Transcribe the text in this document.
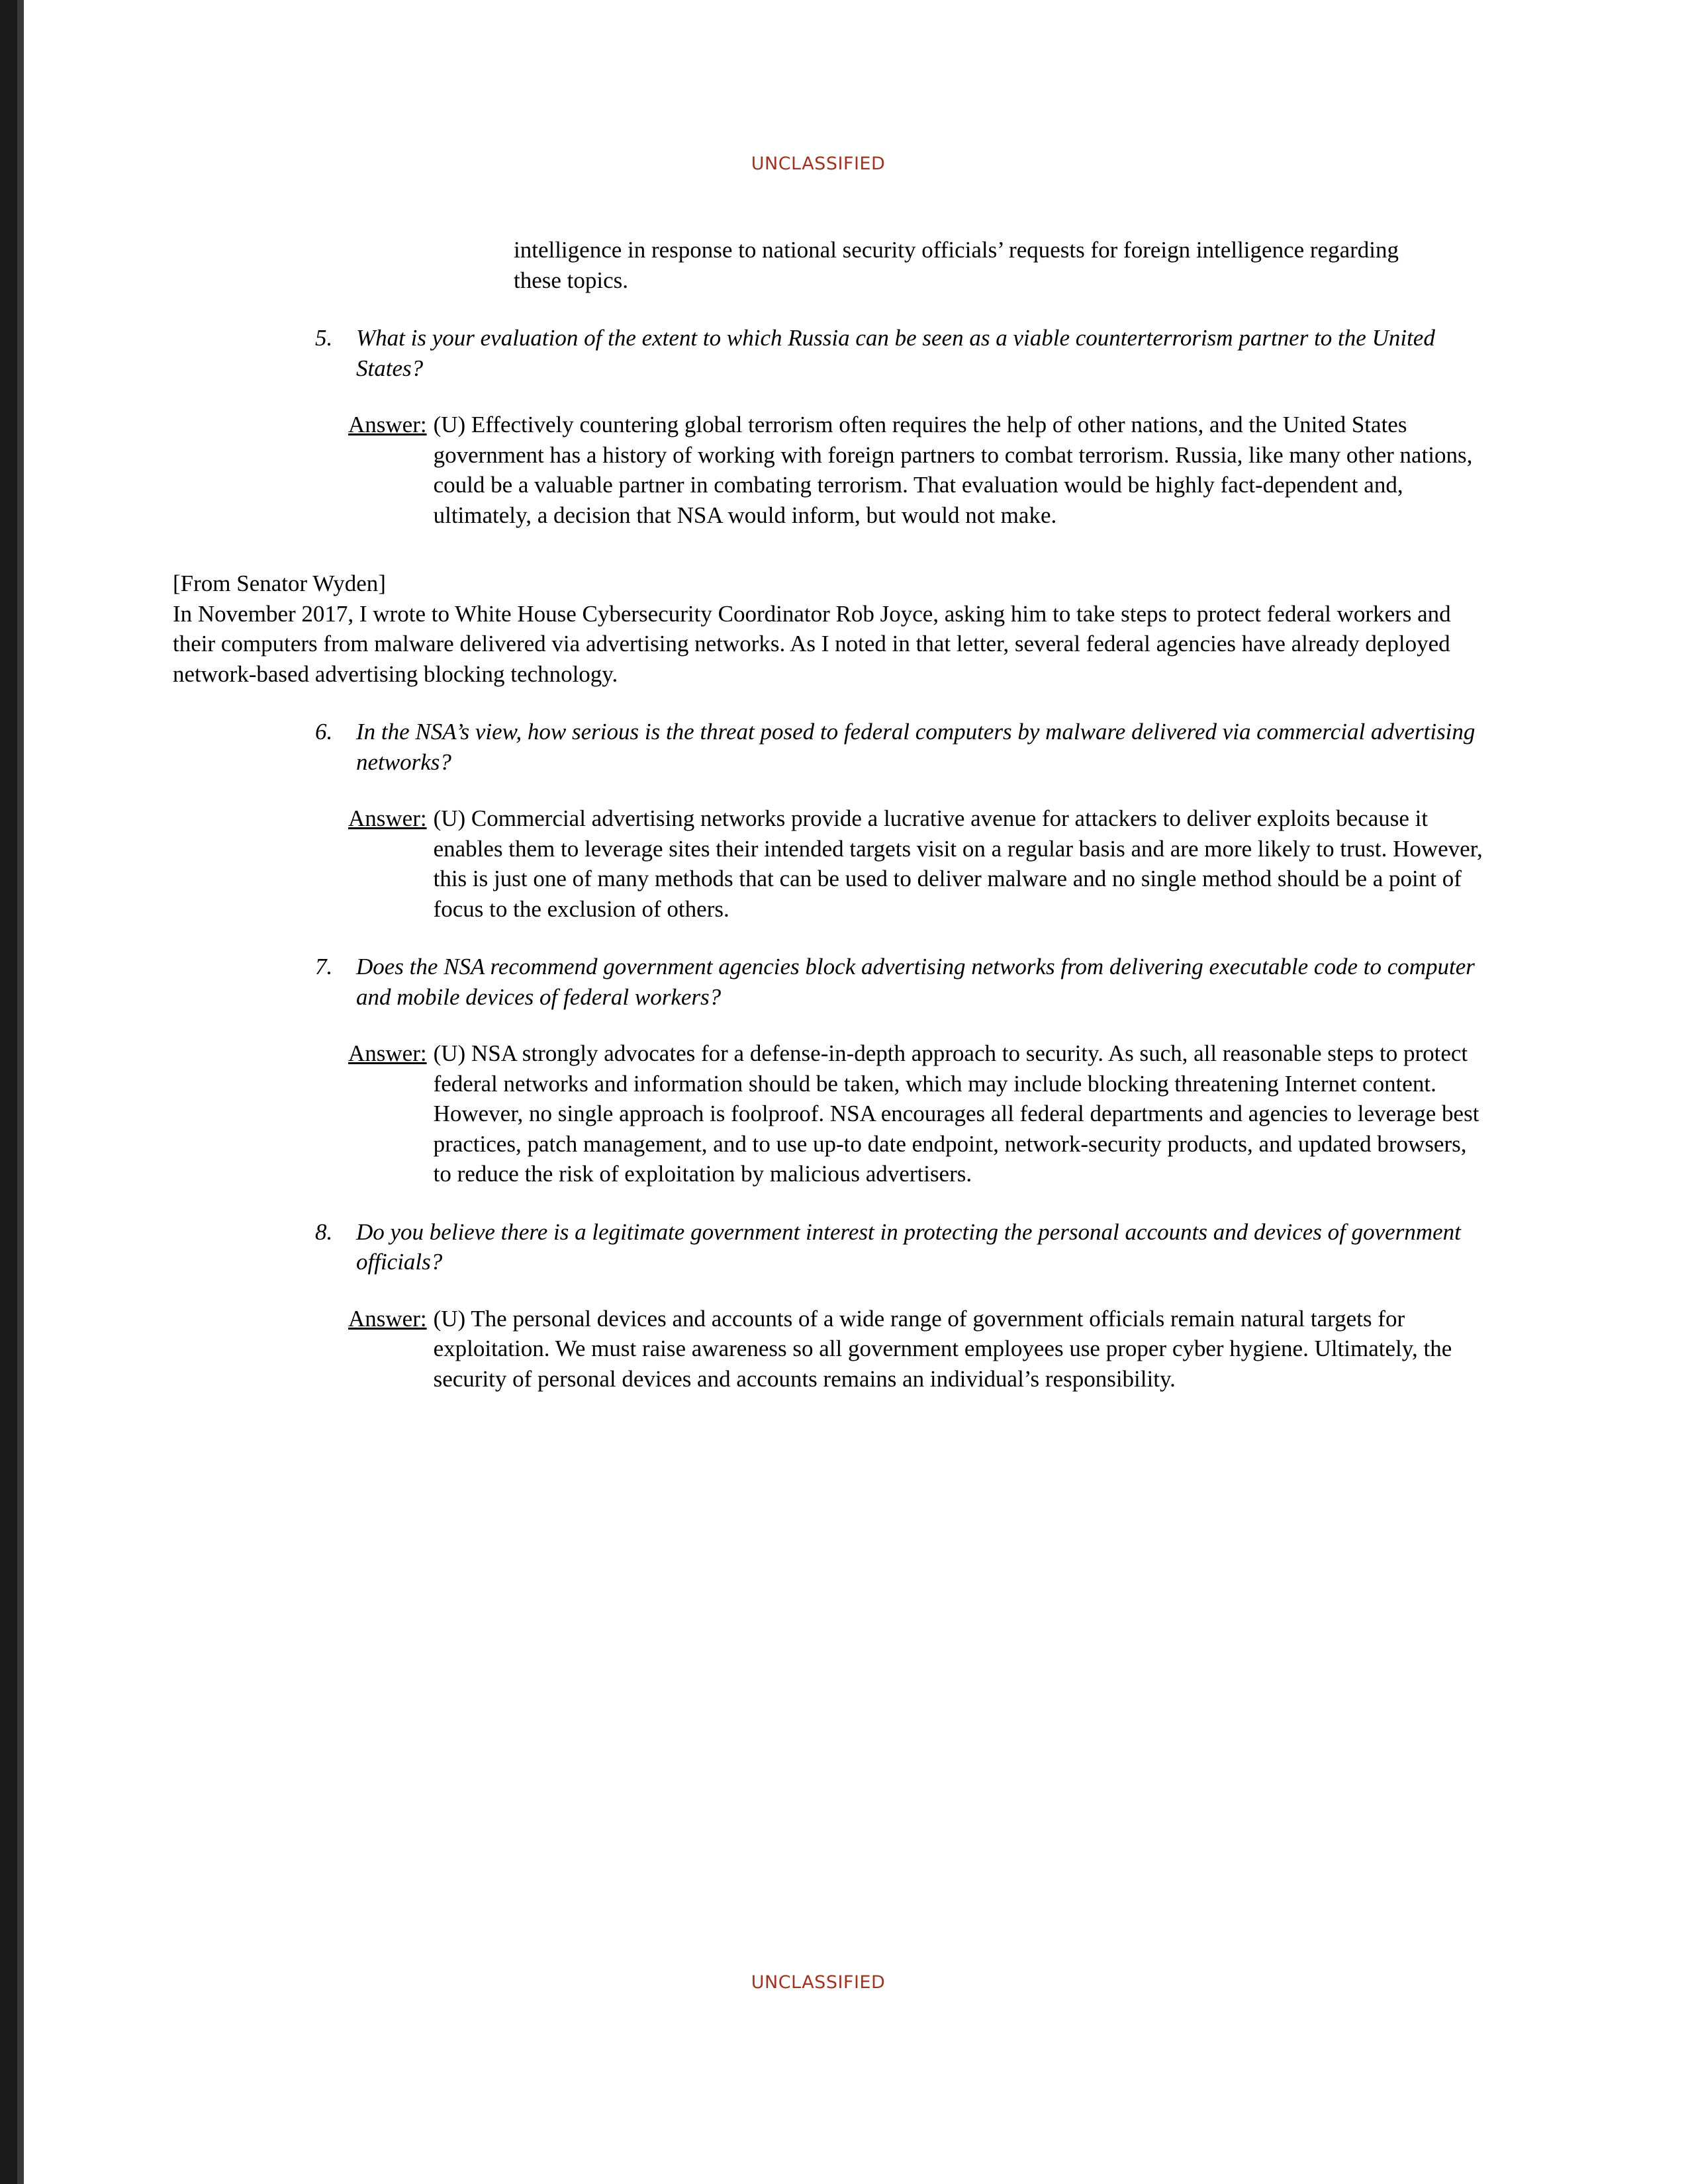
UNCLASSIFIED

intelligence in response to national security officials’ requests for foreign intelligence regarding these topics.

5.	What is your evaluation of the extent to which Russia can be seen as a viable counterterrorism partner to the United States?
Answer: (U) Effectively countering global terrorism often requires the help of other nations, and the United States government has a history of working with foreign partners to combat terrorism. Russia, like many other nations, could be a valuable partner in combating terrorism. That evaluation would be highly fact-dependent and, ultimately, a decision that NSA would inform, but would not make.

[From Senator Wyden]

In November 2017, I wrote to White House Cybersecurity Coordinator Rob Joyce, asking him to take steps to protect federal workers and their computers from malware delivered via advertising networks. As I noted in that letter, several federal agencies have already deployed network-based advertising blocking technology.

6.	In the NSA’s view, how serious is the threat posed to federal computers by malware delivered via commercial advertising networks?
Answer: (U) Commercial advertising networks provide a lucrative avenue for attackers to deliver exploits because it enables them to leverage sites their intended targets visit on a regular basis and are more likely to trust. However, this is just one of many methods that can be used to deliver malware and no single method should be a point of focus to the exclusion of others.
7.	Does the NSA recommend government agencies block advertising networks from delivering executable code to computer and mobile devices of federal workers?
Answer: (U) NSA strongly advocates for a defense-in-depth approach to security. As such, all reasonable steps to protect federal networks and information should be taken, which may include blocking threatening Internet content. However, no single approach is foolproof. NSA encourages all federal departments and agencies to leverage best practices, patch management, and to use up-to date endpoint, network-security products, and updated browsers, to reduce the risk of exploitation by malicious advertisers.
8.	Do you believe there is a legitimate government interest in protecting the personal accounts and devices of government officials?
Answer: (U) The personal devices and accounts of a wide range of government officials remain natural targets for exploitation. We must raise awareness so all government employees use proper cyber hygiene. Ultimately, the security of personal devices and accounts remains an individual’s responsibility.
UNCLASSIFIED
